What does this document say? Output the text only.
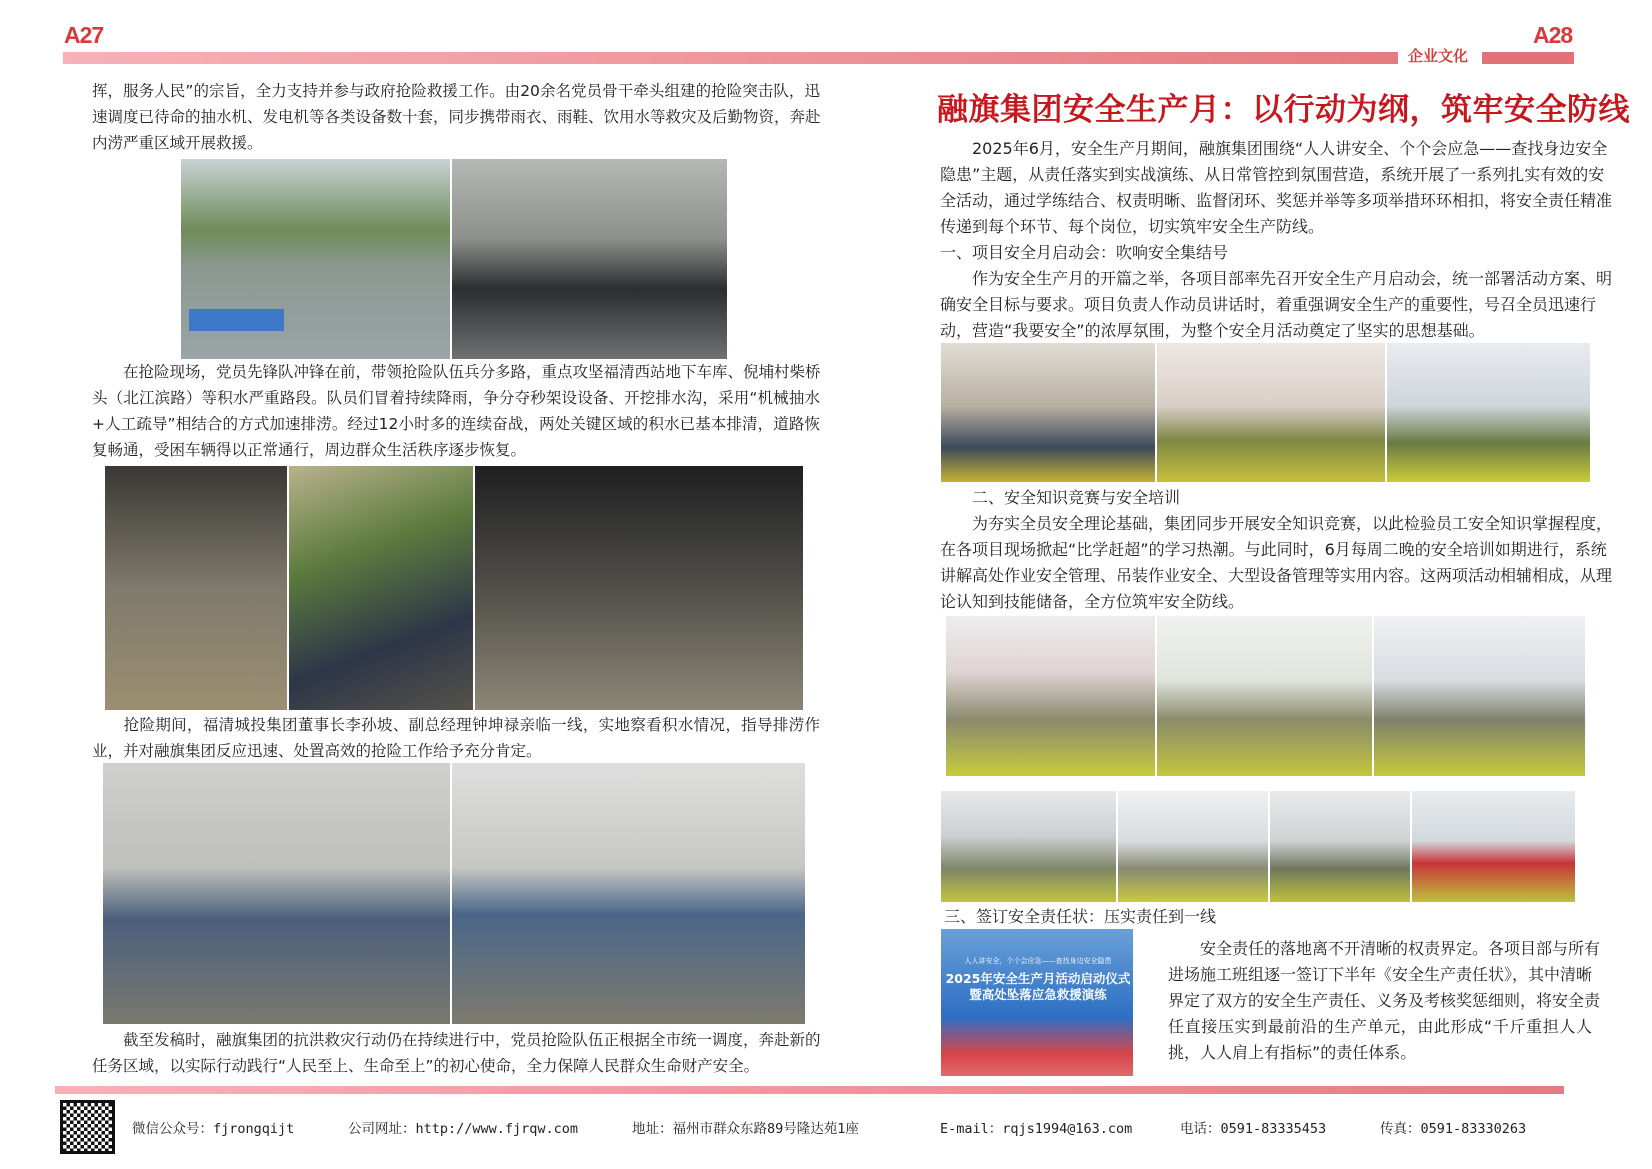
A27	A28
企业文化
挥，服务人民”的宗旨，全力支持并参与政府抢险救援工作。由20余名党员骨干牵头组建的抢险突击队，迅
速调度已待命的抽水机、发电机等各类设备数十套，同步携带雨衣、雨鞋、饮用水等救灾及后勤物资，奔赴
内涝严重区域开展救援。
　　在抢险现场，党员先锋队冲锋在前，带领抢险队伍兵分多路，重点攻坚福清西站地下车库、倪埔村柴桥
头（北江滨路）等积水严重路段。队员们冒着持续降雨，争分夺秒架设设备、开挖排水沟，采用“机械抽水
+人工疏导”相结合的方式加速排涝。经过12小时多的连续奋战，两处关键区域的积水已基本排清，道路恢
复畅通，受困车辆得以正常通行，周边群众生活秩序逐步恢复。
　　抢险期间，福清城投集团董事长李孙坡、副总经理钟坤禄亲临一线，实地察看积水情况，指导排涝作
业，并对融旗集团反应迅速、处置高效的抢险工作给予充分肯定。
　　截至发稿时，融旗集团的抗洪救灾行动仍在持续进行中，党员抢险队伍正根据全市统一调度，奔赴新的
任务区域，以实际行动践行“人民至上、生命至上”的初心使命，全力保障人民群众生命财产安全。
　　2025年6月，安全生产月期间，融旗集团围绕“人人讲安全、个个会应急——查找身边安全
隐患”主题，从责任落实到实战演练、从日常管控到氛围营造，系统开展了一系列扎实有效的安
全活动，通过学练结合、权责明晰、监督闭环、奖惩并举等多项举措环环相扣，将安全责任精准
传递到每个环节、每个岗位，切实筑牢安全生产防线。
一、项目安全月启动会：吹响安全集结号
　　作为安全生产月的开篇之举，各项目部率先召开安全生产月启动会，统一部署活动方案、明
确安全目标与要求。项目负责人作动员讲话时，着重强调安全生产的重要性，号召全员迅速行
动，营造“我要安全”的浓厚氛围，为整个安全月活动奠定了坚实的思想基础。
　　二、安全知识竞赛与安全培训
　　为夯实全员安全理论基础，集团同步开展安全知识竞赛，以此检验员工安全知识掌握程度，
在各项目现场掀起“比学赶超”的学习热潮。与此同时，6月每周二晚的安全培训如期进行，系统
讲解高处作业安全管理、吊装作业安全、大型设备管理等实用内容。这两项活动相辅相成，从理
论认知到技能储备，全方位筑牢安全防线。
三、签订安全责任状：压实责任到一线
　　安全责任的落地离不开清晰的权责界定。各项目部与所有
进场施工班组逐一签订下半年《安全生产责任状》，其中清晰
界定了双方的安全生产责任、义务及考核奖惩细则，将安全责
任直接压实到最前沿的生产单元，由此形成“千斤重担人人
挑，人人肩上有指标”的责任体系。
融旗集团安全生产月：以行动为纲，筑牢安全防线
人人讲安全，个个会应急——查找身边安全隐患
2025年安全生产月活动启动仪式
暨高处坠落应急救援演练
微信公众号：fjrongqijt	公司网址：http://www.fjrqw.com	地址：福州市群众东路89号隆达苑1座	E-mail：rqjs1994@163.com	电话：0591-83335453	传真：0591-83330263
